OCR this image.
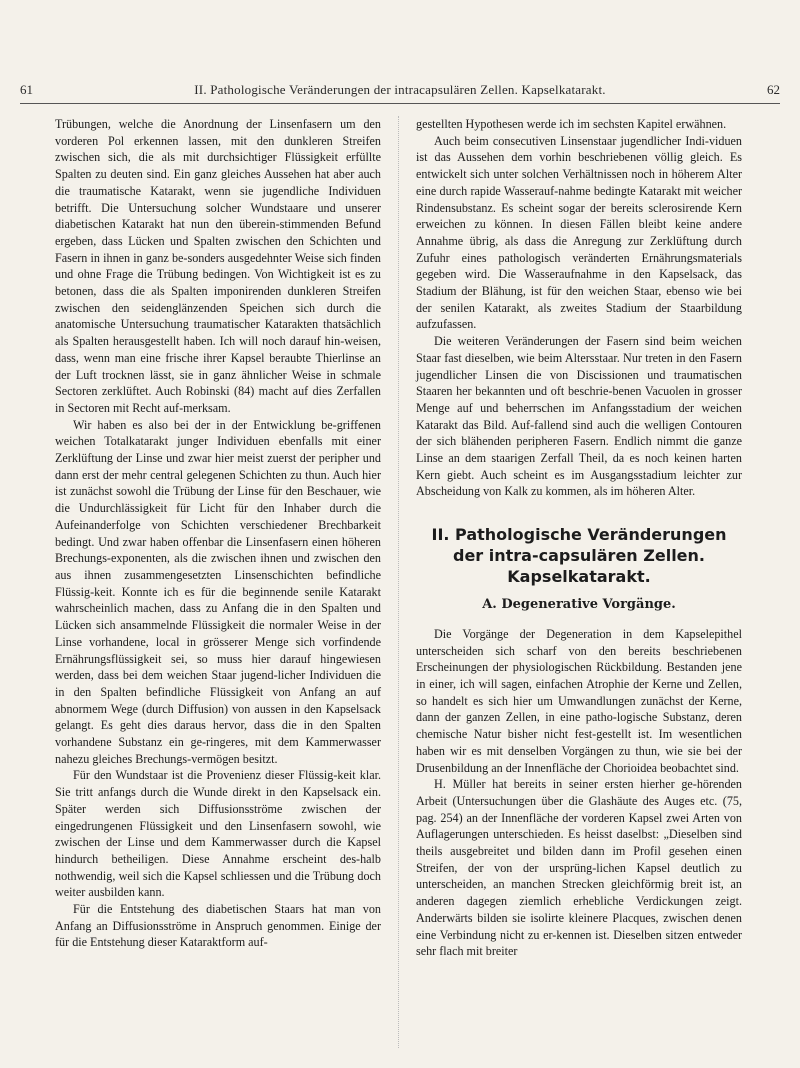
61	II. Pathologische Veränderungen der intracapsulären Zellen. Kapselkatarakt.	62

Trübungen, welche die Anordnung der Linsenfasern um den vorderen Pol erkennen lassen, mit den dunkleren Streifen zwischen sich, die als mit durchsichtiger Flüssigkeit erfüllte Spalten zu deuten sind. Ein ganz gleiches Aussehen hat aber auch die traumatische Katarakt, wenn sie jugendliche Individuen betrifft. Die Untersuchung solcher Wundstaare und unserer diabetischen Katarakt hat nun den überein-stimmenden Befund ergeben, dass Lücken und Spalten zwischen den Schichten und Fasern in ihnen in ganz be-sonders ausgedehnter Weise sich finden und ohne Frage die Trübung bedingen. Von Wichtigkeit ist es zu betonen, dass die als Spalten imponirenden dunkleren Streifen zwischen den seidenglänzenden Speichen sich durch die anatomische Untersuchung traumatischer Katarakten thatsächlich als Spalten herausgestellt haben. Ich will noch darauf hin-weisen, dass, wenn man eine frische ihrer Kapsel beraubte Thierlinse an der Luft trocknen lässt, sie in ganz ähnlicher Weise in schmale Sectoren zerklüftet. Auch Robinski (84) macht auf dies Zerfallen in Sectoren mit Recht auf-merksam.

Wir haben es also bei der in der Entwicklung be-griffenen weichen Totalkatarakt junger Individuen ebenfalls mit einer Zerklüftung der Linse und zwar hier meist zuerst der peripher und dann erst der mehr central gelegenen Schichten zu thun. Auch hier ist zunächst sowohl die Trübung der Linse für den Beschauer, wie die Undurchlässigkeit für Licht für den Inhaber durch die Aufeinanderfolge von Schichten verschiedener Brechbarkeit bedingt. Und zwar haben offenbar die Linsenfasern einen höheren Brechungs-exponenten, als die zwischen ihnen und zwischen den aus ihnen zusammengesetzten Linsenschichten befindliche Flüssig-keit. Konnte ich es für die beginnende senile Katarakt wahrscheinlich machen, dass zu Anfang die in den Spalten und Lücken sich ansammelnde Flüssigkeit die normaler Weise in der Linse vorhandene, local in grösserer Menge sich vorfindende Ernährungsflüssigkeit sei, so muss hier darauf hingewiesen werden, dass bei dem weichen Staar jugend-licher Individuen die in den Spalten befindliche Flüssigkeit von Anfang an auf abnormem Wege (durch Diffusion) von aussen in den Kapselsack gelangt. Es geht dies daraus hervor, dass die in den Spalten vorhandene Substanz ein ge-ringeres, mit dem Kammerwasser nahezu gleiches Brechungs-vermögen besitzt.

Für den Wundstaar ist die Provenienz dieser Flüssig-keit klar. Sie tritt anfangs durch die Wunde direkt in den Kapselsack ein. Später werden sich Diffusionsströme zwischen der eingedrungenen Flüssigkeit und den Linsenfasern sowohl, wie zwischen der Linse und dem Kammerwasser durch die Kapsel hindurch betheiligen. Diese Annahme erscheint des-halb nothwendig, weil sich die Kapsel schliessen und die Trübung doch weiter ausbilden kann.

Für die Entstehung des diabetischen Staars hat man von Anfang an Diffusionsströme in Anspruch genommen. Einige der für die Entstehung dieser Kataraktform auf-

gestellten Hypothesen werde ich im sechsten Kapitel erwähnen.

Auch beim consecutiven Linsenstaar jugendlicher Indi-viduen ist das Aussehen dem vorhin beschriebenen völlig gleich. Es entwickelt sich unter solchen Verhältnissen noch in höherem Alter eine durch rapide Wasserauf-nahme bedingte Katarakt mit weicher Rindensubstanz. Es scheint sogar der bereits sclerosirende Kern erweichen zu können. In diesen Fällen bleibt keine andere Annahme übrig, als dass die Anregung zur Zerklüftung durch Zufuhr eines pathologisch veränderten Ernährungsmaterials gegeben wird. Die Wasseraufnahme in den Kapselsack, das Stadium der Blähung, ist für den weichen Staar, ebenso wie bei der senilen Katarakt, als zweites Stadium der Staarbildung aufzufassen.

Die weiteren Veränderungen der Fasern sind beim weichen Staar fast dieselben, wie beim Altersstaar. Nur treten in den Fasern jugendlicher Linsen die von Discissionen und traumatischen Staaren her bekannten und oft beschrie-benen Vacuolen in grosser Menge auf und beherrschen im Anfangsstadium der weichen Katarakt das Bild. Auf-fallend sind auch die welligen Contouren der sich blähenden peripheren Fasern. Endlich nimmt die ganze Linse an dem staarigen Zerfall Theil, da es noch keinen harten Kern giebt. Auch scheint es im Ausgangsstadium leichter zur Abscheidung von Kalk zu kommen, als im höheren Alter.

II. Pathologische Veränderungen der intra-capsulären Zellen. Kapselkatarakt.
A. Degenerative Vorgänge.

Die Vorgänge der Degeneration in dem Kapselepithel unterscheiden sich scharf von den bereits beschriebenen Erscheinungen der physiologischen Rückbildung. Bestanden jene in einer, ich will sagen, einfachen Atrophie der Kerne und Zellen, so handelt es sich hier um Umwandlungen zunächst der Kerne, dann der ganzen Zellen, in eine patho-logische Substanz, deren chemische Natur bisher nicht fest-gestellt ist. Im wesentlichen haben wir es mit denselben Vorgängen zu thun, wie sie bei der Drusenbildung an der Innenfläche der Chorioidea beobachtet sind.

H. Müller hat bereits in seiner ersten hierher ge-hörenden Arbeit (Untersuchungen über die Glashäute des Auges etc. (75, pag. 254) an der Innenfläche der vorderen Kapsel zwei Arten von Auflagerungen unterschieden. Es heisst daselbst: „Dieselben sind theils ausgebreitet und bilden dann im Profil gesehen einen Streifen, der von der ursprüng-lichen Kapsel deutlich zu unterscheiden, an manchen Strecken gleichförmig breit ist, an anderen dagegen ziemlich erhebliche Verdickungen zeigt. Anderwärts bilden sie isolirte kleinere Placques, zwischen denen eine Verbindung nicht zu er-kennen ist. Dieselben sitzen entweder sehr flach mit breiter
